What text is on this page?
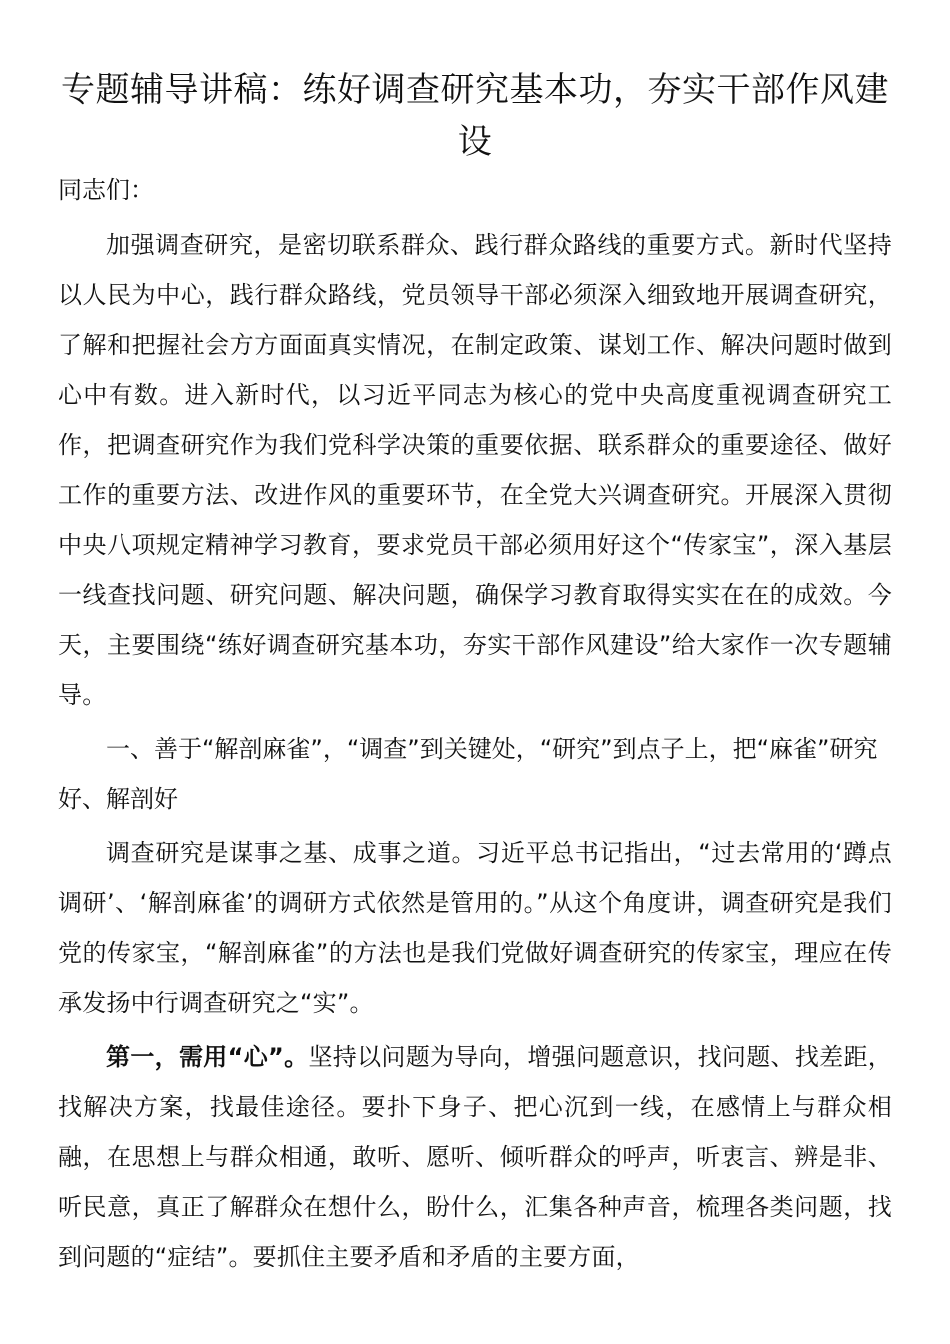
专题辅导讲稿：练好调查研究基本功，夯实干部作风建设

同志们：

加强调查研究，是密切联系群众、践行群众路线的重要方式。新时代坚持以人民为中心，践行群众路线，党员领导干部必须深入细致地开展调查研究，了解和把握社会方方面面真实情况，在制定政策、谋划工作、解决问题时做到心中有数。进入新时代，以习近平同志为核心的党中央高度重视调查研究工作，把调查研究作为我们党科学决策的重要依据、联系群众的重要途径、做好工作的重要方法、改进作风的重要环节，在全党大兴调查研究。开展深入贯彻中央八项规定精神学习教育，要求党员干部必须用好这个“传家宝”，深入基层一线查找问题、研究问题、解决问题，确保学习教育取得实实在在的成效。今天，主要围绕“练好调查研究基本功，夯实干部作风建设”给大家作一次专题辅导。

一、善于“解剖麻雀”，“调查”到关键处，“研究”到点子上，把“麻雀”研究好、解剖好

调查研究是谋事之基、成事之道。习近平总书记指出，“过去常用的‘蹲点调研’、‘解剖麻雀’的调研方式依然是管用的。”从这个角度讲，调查研究是我们党的传家宝，“解剖麻雀”的方法也是我们党做好调查研究的传家宝，理应在传承发扬中行调查研究之“实”。

第一，需用“心”。坚持以问题为导向，增强问题意识，找问题、找差距，找解决方案，找最佳途径。要扑下身子、把心沉到一线，在感情上与群众相融，在思想上与群众相通，敢听、愿听、倾听群众的呼声，听衷言、辨是非、听民意，真正了解群众在想什么，盼什么，汇集各种声音，梳理各类问题，找到问题的“症结”。要抓住主要矛盾和矛盾的主要方面，
